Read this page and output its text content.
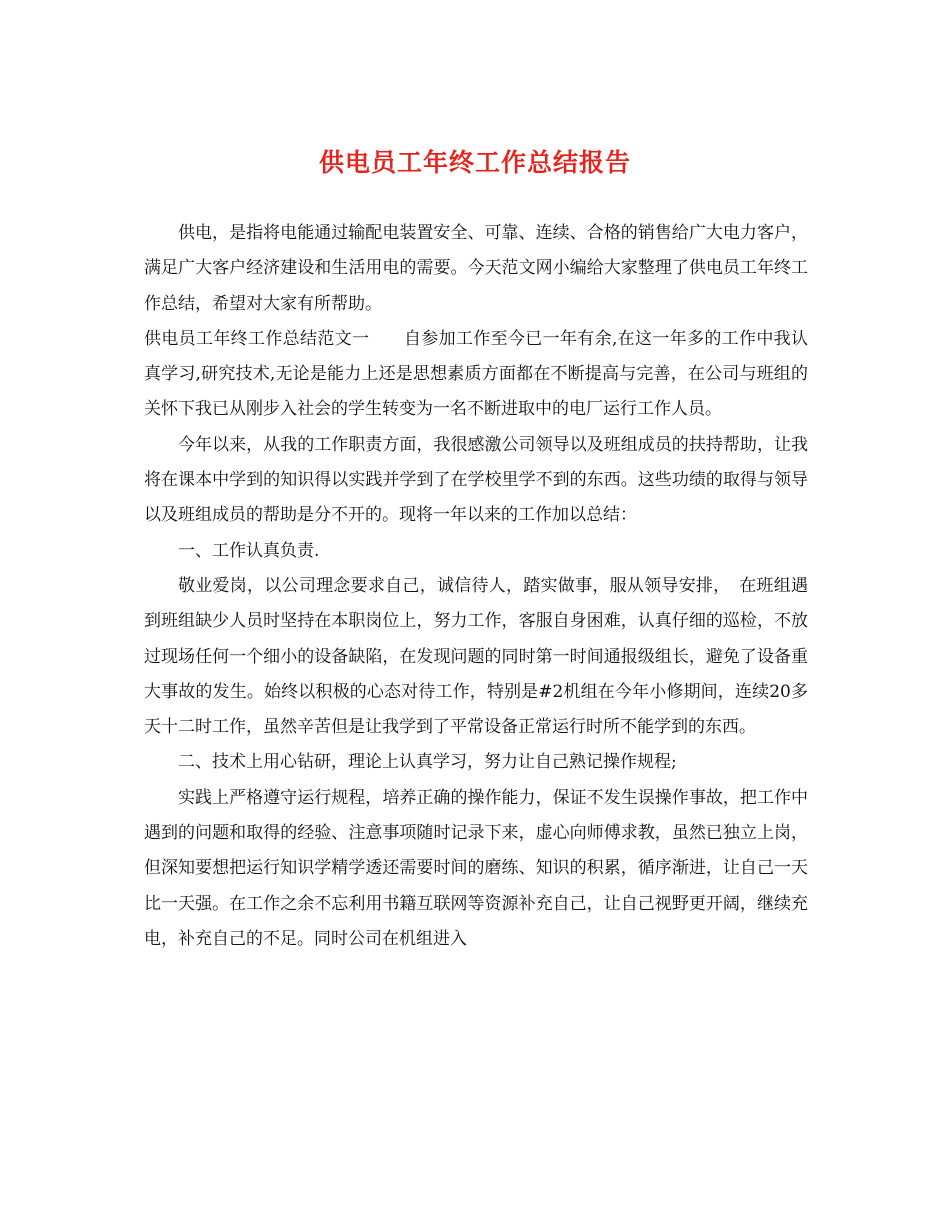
供电员工年终工作总结报告

供电，是指将电能通过输配电装置安全、可靠、连续、合格的销售给广大电力客户，满足广大客户经济建设和生活用电的需要。今天范文网小编给大家整理了供电员工年终工作总结，希望对大家有所帮助。

供电员工年终工作总结范文一　　自参加工作至今已一年有余,在这一年多的工作中我认真学习,研究技术,无论是能力上还是思想素质方面都在不断提高与完善，在公司与班组的关怀下我已从刚步入社会的学生转变为一名不断进取中的电厂运行工作人员。

今年以来，从我的工作职责方面，我很感激公司领导以及班组成员的扶持帮助，让我将在课本中学到的知识得以实践并学到了在学校里学不到的东西。这些功绩的取得与领导以及班组成员的帮助是分不开的。现将一年以来的工作加以总结：

一、工作认真负责.

敬业爱岗，以公司理念要求自己，诚信待人，踏实做事，服从领导安排，　在班组遇到班组缺少人员时坚持在本职岗位上，努力工作，客服自身困难，认真仔细的巡检，不放过现场任何一个细小的设备缺陷，在发现问题的同时第一时间通报级组长，避免了设备重大事故的发生。始终以积极的心态对待工作，特别是#2机组在今年小修期间，连续20多天十二时工作，虽然辛苦但是让我学到了平常设备正常运行时所不能学到的东西。

二、技术上用心钻研，理论上认真学习，努力让自己熟记操作规程;

实践上严格遵守运行规程，培养正确的操作能力，保证不发生误操作事故，把工作中遇到的问题和取得的经验、注意事项随时记录下来，虚心向师傅求教，虽然已独立上岗，但深知要想把运行知识学精学透还需要时间的磨练、知识的积累，循序渐进，让自己一天比一天强。在工作之余不忘利用书籍互联网等资源补充自己，让自己视野更开阔，继续充电，补充自己的不足。同时公司在机组进入
